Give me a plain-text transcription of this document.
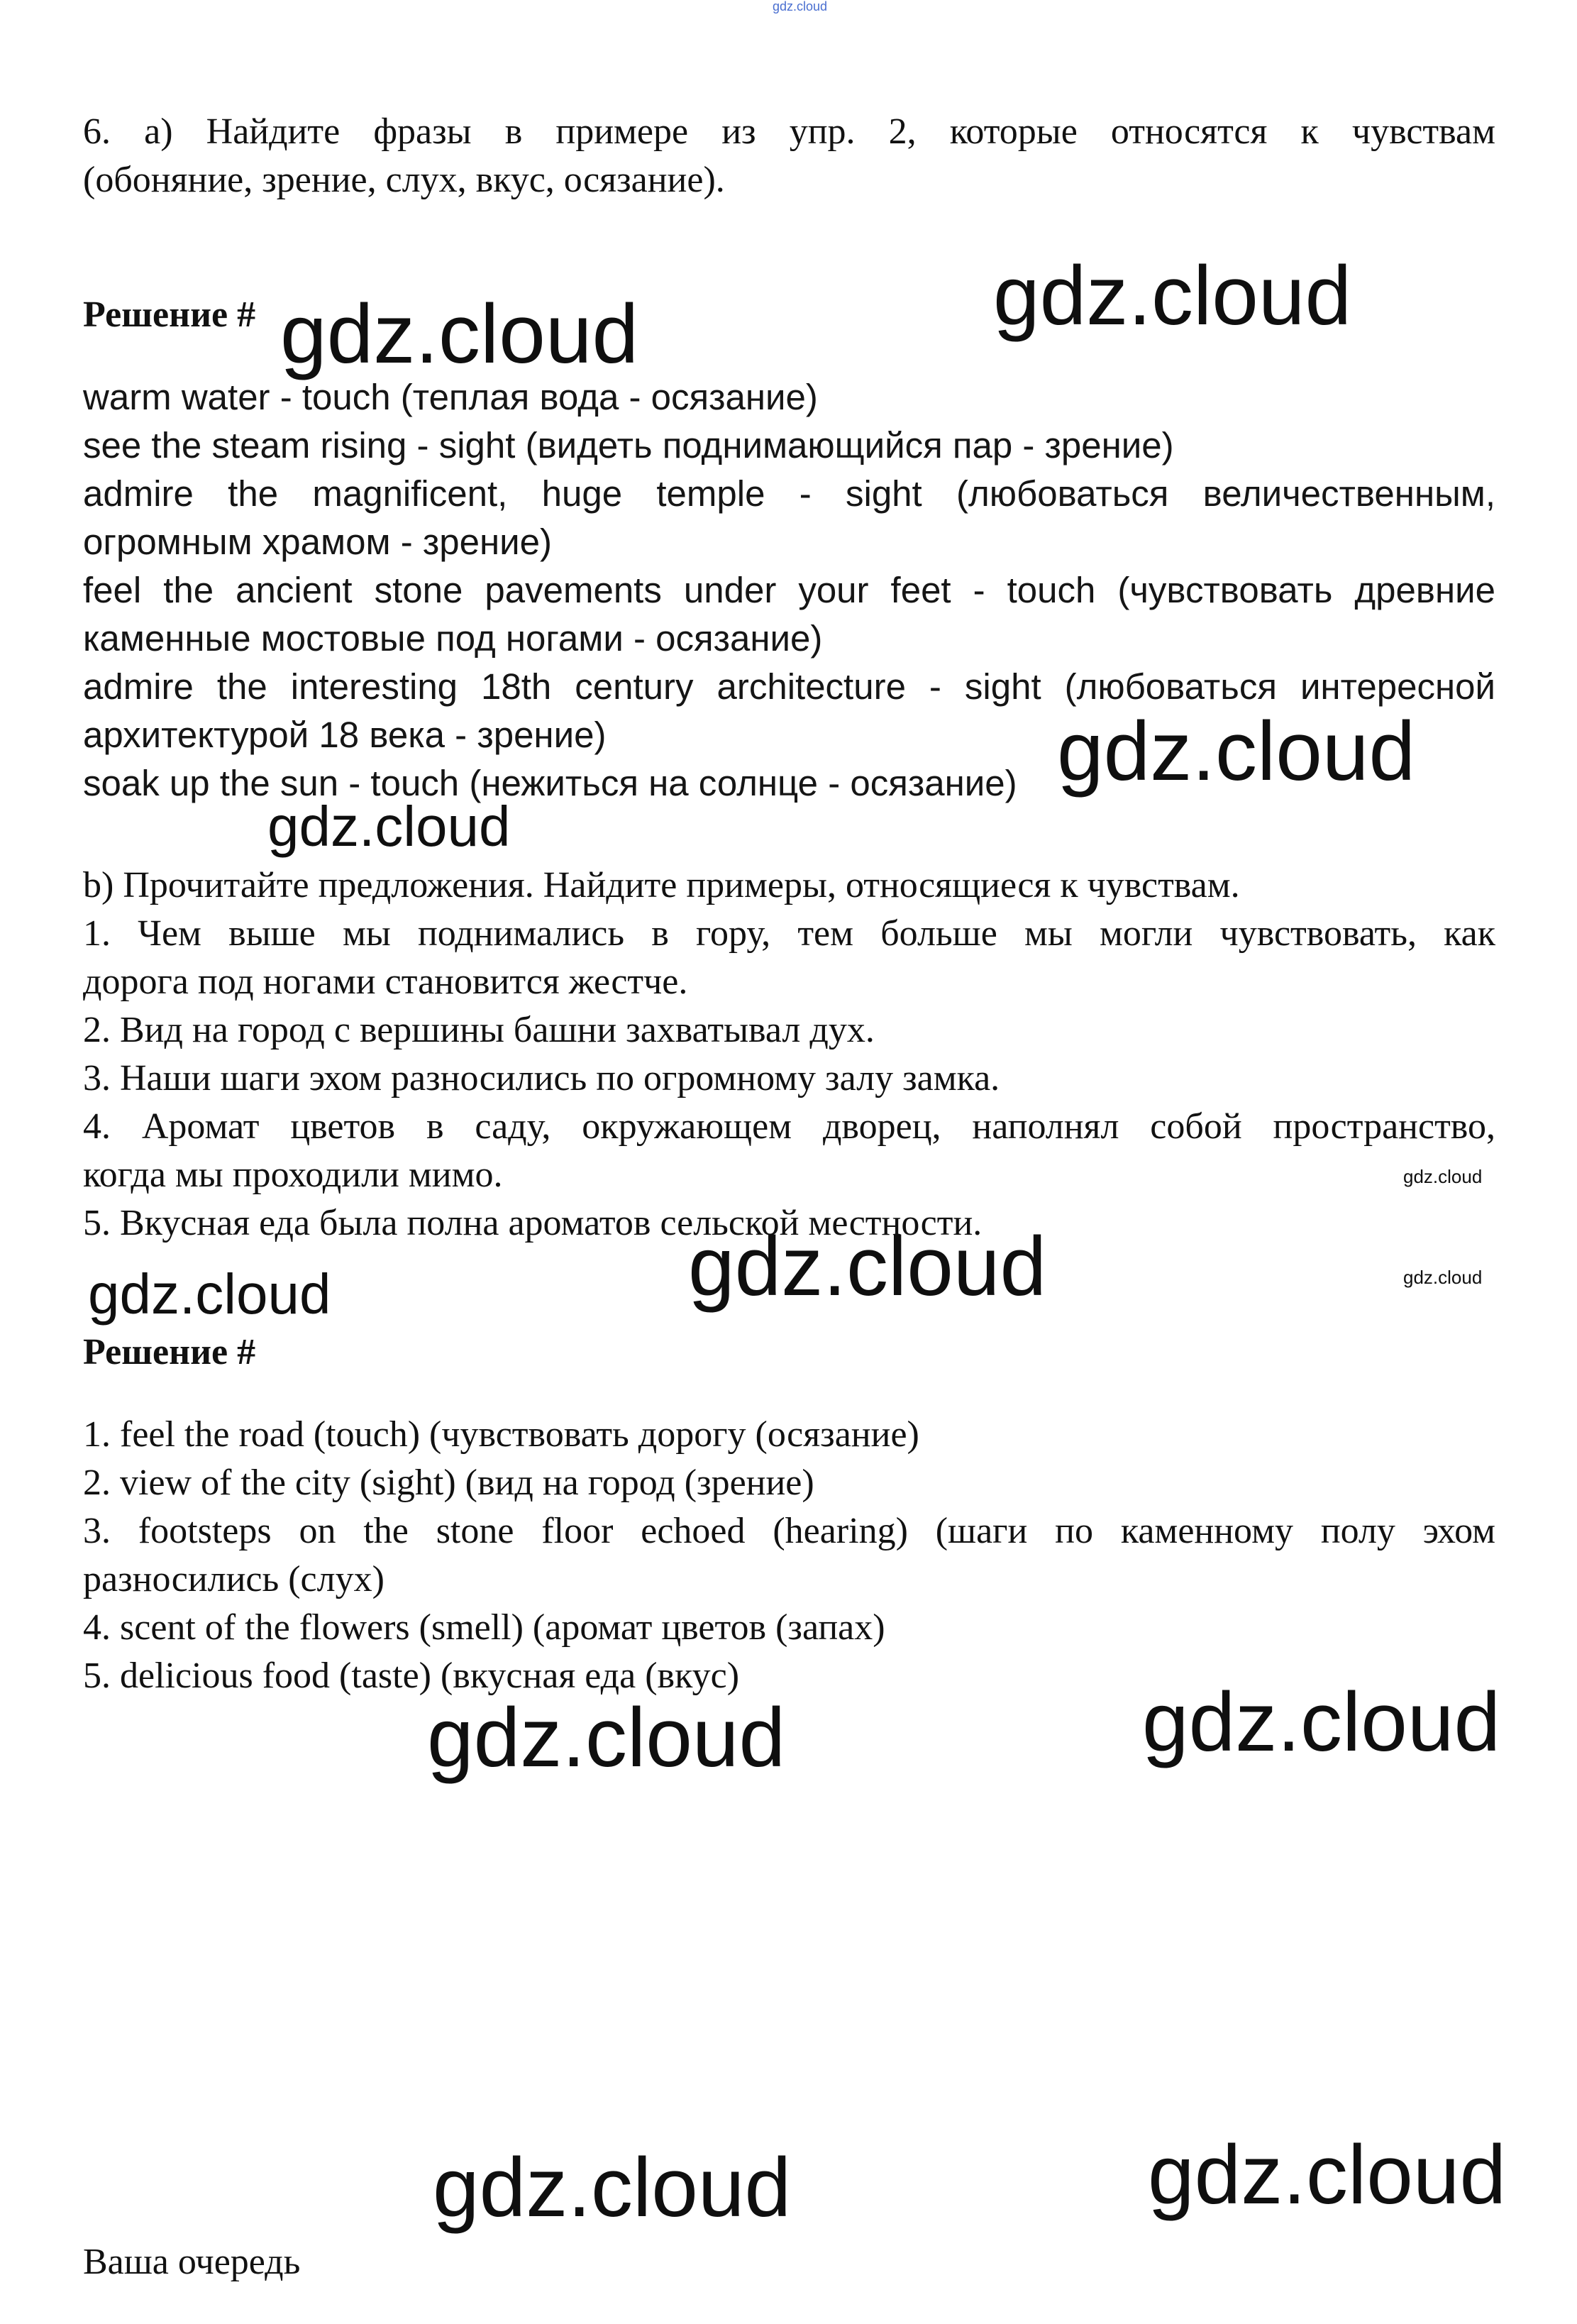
gdz.cloud
6. a) Найдите фразы в примере из упр. 2, которые относятся к чувствам
(обоняние, зрение, слух, вкус, осязание).
Решение #
warm water - touch (теплая вода - осязание)
see the steam rising - sight (видеть поднимающийся пар - зрение)
admire the magnificent, huge temple - sight (любоваться величественным,
огромным храмом - зрение)
feel the ancient stone pavements under your feet - touch (чувствовать древние
каменные мостовые под ногами - осязание)
admire the interesting 18th century architecture - sight (любоваться интересной
архитектурой 18 века - зрение)
soak up the sun - touch (нежиться на солнце - осязание)
b) Прочитайте предложения. Найдите примеры, относящиеся к чувствам.
1. Чем выше мы поднимались в гору, тем больше мы могли чувствовать, как
дорога под ногами становится жестче.
2. Вид на город с вершины башни захватывал дух.
3. Наши шаги эхом разносились по огромному залу замка.
4. Аромат цветов в саду, окружающем дворец, наполнял собой пространство,
когда мы проходили мимо.
5. Вкусная еда была полна ароматов сельской местности.
Решение #
1. feel the road (touch) (чувствовать дорогу (осязание)
2. view of the city (sight) (вид на город (зрение)
3. footsteps on the stone floor echoed (hearing) (шаги по каменному полу эхом
разносились (слух)
4. scent of the flowers (smell) (аромат цветов (запах)
5. delicious food (taste) (вкусная еда (вкус)
Ваша очередь
gdz.cloud	gdz.cloud
gdz.cloud
gdz.cloud
gdz.cloud
gdz.cloud	gdz.cloud
gdz.cloud
gdz.cloud
gdz.cloud
gdz.cloud
gdz.cloud
